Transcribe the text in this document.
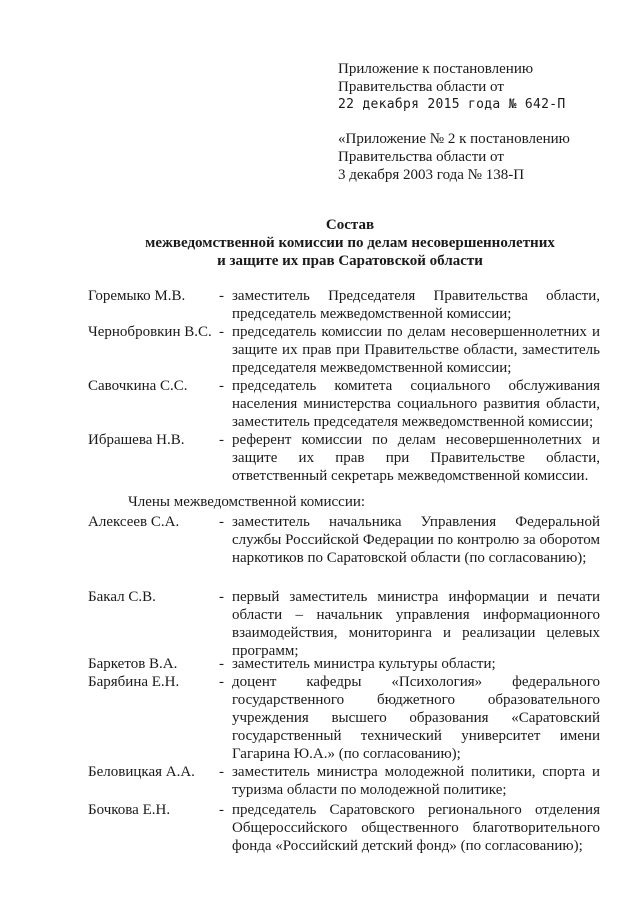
Приложение к постановлению
Правительства области от
22 декабря 2015 года № 642-П
«Приложение № 2 к постановлению
Правительства области от
3 декабря 2003 года № 138-П
Состав
межведомственной комиссии по делам несовершеннолетних
и защите их прав Саратовской области
Горемыко М.В. - заместитель Председателя Правительства области, председатель межведомственной комиссии;
Чернобровкин В.С. - председатель комиссии по делам несовершеннолетних и защите их прав при Правительстве области, заместитель председателя межведомственной комиссии;
Савочкина С.С. - председатель комитета социального обслуживания населения министерства социального развития области, заместитель председателя межведомственной комиссии;
Ибрашева Н.В. - референт комиссии по делам несовершеннолетних и защите их прав при Правительстве области, ответственный секретарь межведомственной комиссии.
Члены межведомственной комиссии:
Алексеев С.А.	- заместитель начальника Управления Федеральной службы Российской Федерации по контролю за оборотом наркотиков по Саратовской области (по согласованию);
Бакал С.В.	- первый заместитель министра информации и печати области – начальник управления информационного взаимодействия, мониторинга и реализации целевых программ;
Баркетов В.А.	- заместитель министра культуры области;
Барябина Е.Н.	- доцент кафедры «Психология» федерального государственного бюджетного образовательного учреждения высшего образования «Саратовский государственный технический университет имени Гагарина Ю.А.» (по согласованию);
Беловицкая А.А. - заместитель министра молодежной политики, спорта и туризма области по молодежной политике;
Бочкова Е.Н.	- председатель Саратовского регионального отделения Общероссийского общественного благотворительного фонда «Российский детский фонд» (по согласованию);
